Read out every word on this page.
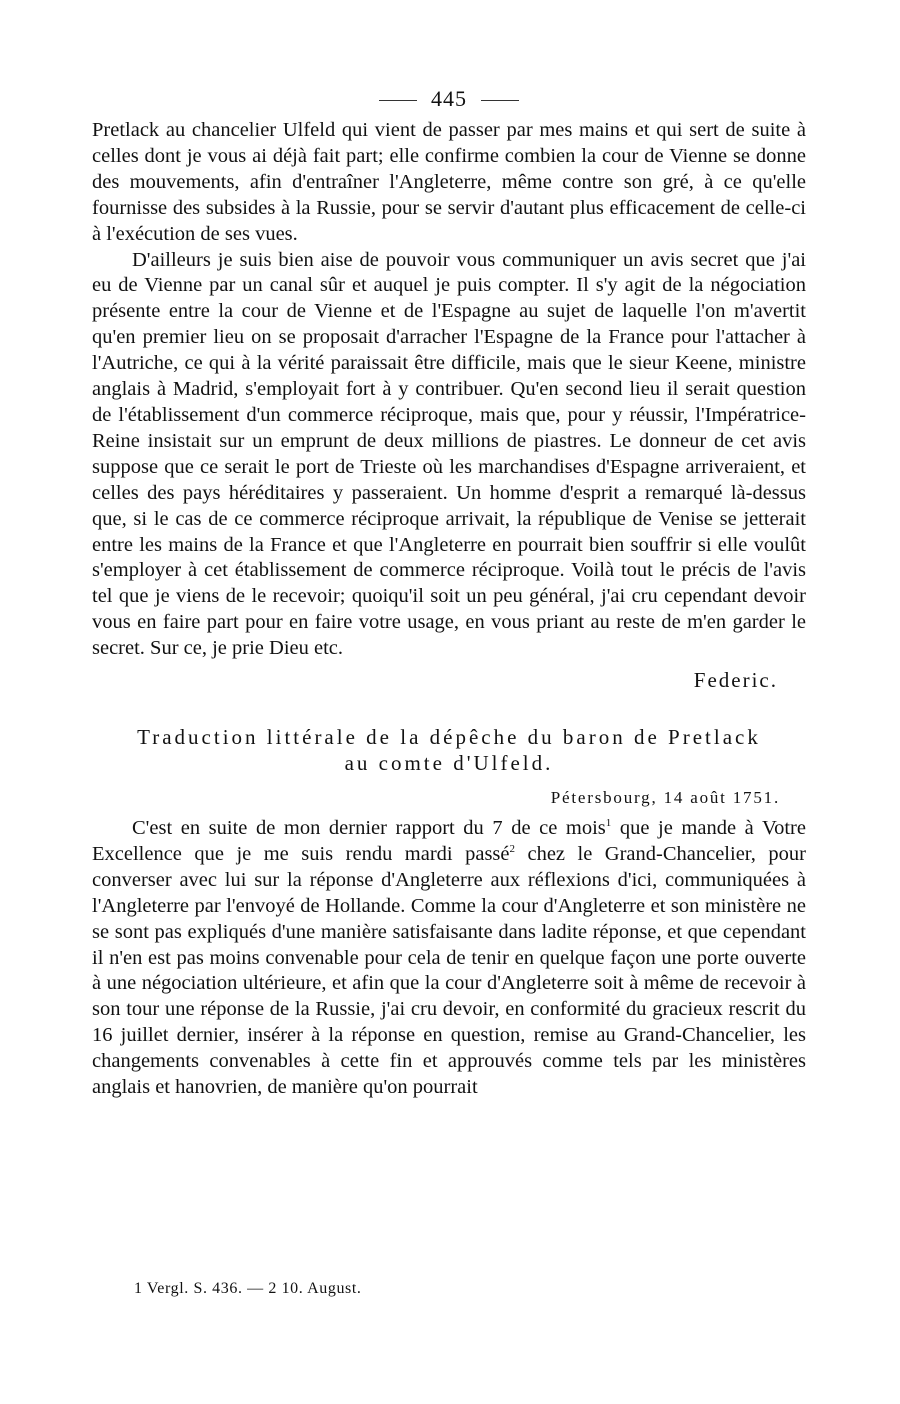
445

Pretlack au chancelier Ulfeld qui vient de passer par mes mains et qui sert de suite à celles dont je vous ai déjà fait part; elle confirme combien la cour de Vienne se donne des mouvements, afin d'entraîner l'Angleterre, même contre son gré, à ce qu'elle fournisse des subsides à la Russie, pour se servir d'autant plus efficacement de celle-ci à l'exécution de ses vues.

D'ailleurs je suis bien aise de pouvoir vous communiquer un avis secret que j'ai eu de Vienne par un canal sûr et auquel je puis compter. Il s'y agit de la négociation présente entre la cour de Vienne et de l'Espagne au sujet de laquelle l'on m'avertit qu'en premier lieu on se proposait d'arracher l'Espagne de la France pour l'attacher à l'Autriche, ce qui à la vérité paraissait être difficile, mais que le sieur Keene, ministre anglais à Madrid, s'employait fort à y contribuer. Qu'en second lieu il serait question de l'établissement d'un commerce réciproque, mais que, pour y réussir, l'Impératrice-Reine insistait sur un emprunt de deux millions de piastres. Le donneur de cet avis suppose que ce serait le port de Trieste où les marchandises d'Espagne arriveraient, et celles des pays héréditaires y passeraient. Un homme d'esprit a remarqué là-dessus que, si le cas de ce commerce réciproque arrivait, la république de Venise se jetterait entre les mains de la France et que l'Angleterre en pourrait bien souffrir si elle voulût s'employer à cet établissement de commerce réciproque. Voilà tout le précis de l'avis tel que je viens de le recevoir; quoiqu'il soit un peu général, j'ai cru cependant devoir vous en faire part pour en faire votre usage, en vous priant au reste de m'en garder le secret. Sur ce, je prie Dieu etc.

Federic.
Traduction littérale de la dépêche du baron de Pretlack
au comte d'Ulfeld.
Pétersbourg, 14 août 1751.

C'est en suite de mon dernier rapport du 7 de ce mois$^1$ que je mande à Votre Excellence que je me suis rendu mardi passé$^2$ chez le Grand-Chancelier, pour converser avec lui sur la réponse d'Angleterre aux réflexions d'ici, communiquées à l'Angleterre par l'envoyé de Hollande. Comme la cour d'Angleterre et son ministère ne se sont pas expliqués d'une manière satisfaisante dans ladite réponse, et que cependant il n'en est pas moins convenable pour cela de tenir en quelque façon une porte ouverte à une négociation ultérieure, et afin que la cour d'Angleterre soit à même de recevoir à son tour une réponse de la Russie, j'ai cru devoir, en conformité du gracieux rescrit du 16 juillet dernier, insérer à la réponse en question, remise au Grand-Chancelier, les changements convenables à cette fin et approuvés comme tels par les ministères anglais et hanovrien, de manière qu'on pourrait

1 Vergl. S. 436. — 2 10. August.
